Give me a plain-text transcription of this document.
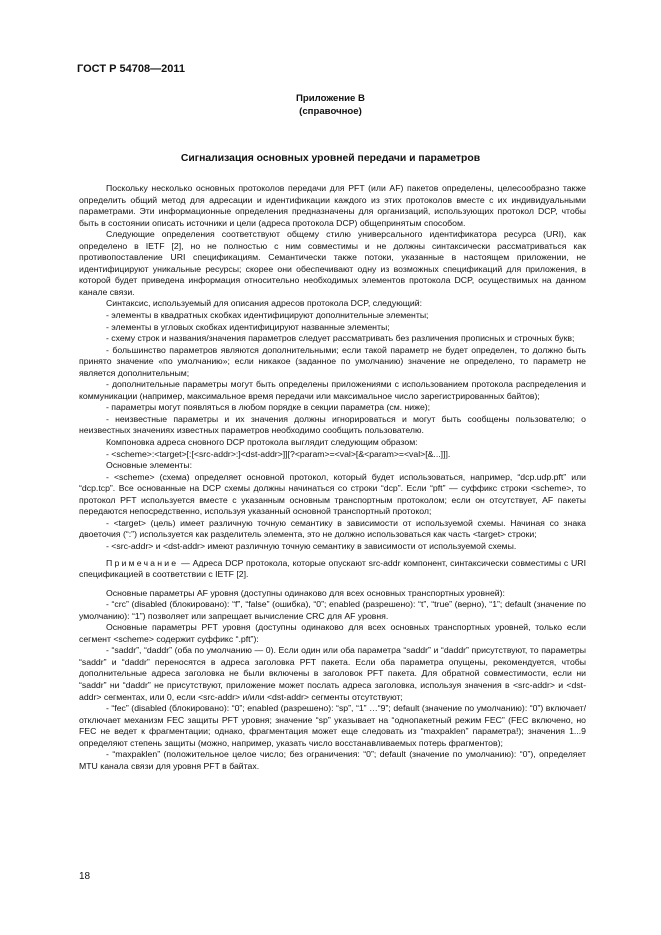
ГОСТ Р 54708—2011
Приложение В
(справочное)
Сигнализация основных уровней передачи и параметров

Поскольку несколько основных протоколов передачи для PFT (или AF) пакетов определены, целесообразно также определить общий метод для адресации и идентификации каждого из этих протоколов вместе с их индивидуальными параметрами. Эти информационные определения предназначены для организаций, использующих протокол DCP, чтобы быть в состоянии описать источники и цели (адреса протокола DCP) общепринятым способом.

Следующие определения соответствуют общему стилю универсального идентификатора ресурса (URI), как определено в IETF [2], но не полностью с ним совместимы и не должны синтаксически рассматриваться как противопоставление URI спецификациям. Семантически также потоки, указанные в настоящем приложении, не идентифицируют уникальные ресурсы; скорее они обеспечивают одну из возможных спецификаций для приложения, в которой будет приведена информация относительно необходимых элементов протокола DCP, осуществимых на данном канале связи.

Синтаксис, используемый для описания адресов протокола DCP, следующий:

- элементы в квадратных скобках идентифицируют дополнительные элементы;

- элементы в угловых скобках идентифицируют названные элементы;

- схему строк и названия/значения параметров следует рассматривать без различения прописных и строчных букв;

- большинство параметров являются дополнительными; если такой параметр не будет определен, то должно быть принято значение «по умолчанию»; если никакое (заданное по умолчанию) значение не определено, то параметр не является дополнительным;

- дополнительные параметры могут быть определены приложениями с использованием протокола распределения и коммуникации (например, максимальное время передачи или максимальное число зарегистрированных байтов);

- параметры могут появляться в любом порядке в секции параметра (см. ниже);

- неизвестные параметры и их значения должны игнорироваться и могут быть сообщены пользователю; о неизвестных значениях известных параметров необходимо сообщить пользователю.

Компоновка адреса сновного DCP протокола выглядит следующим образом:

- <scheme>:<target>[:[<src-addr>:]<dst-addr>]][?<param>=<val>[&<param>=<val>[&...]]].

Основные элементы:

- <scheme> (схема) определяет основной протокол, который будет использоваться, например, “dcp.udp.pft” или “dcp.tcp”. Все основанные на DCP схемы должны начинаться со строки “dcp”. Если “pft” — суффикс строки <scheme>, то протокол PFT используется вместе с указанным основным транспортным протоколом; если он отсутствует, AF пакеты передаются непосредственно, используя указанный основной транспортный протокол;

- <target> (цель) имеет различную точную семантику в зависимости от используемой схемы. Начиная со знака двоеточия (“:”) используется как разделитель элемента, это не должно использоваться как часть <target> строки;

- <src-addr> и <dst-addr> имеют различную точную семантику в зависимости от используемой схемы.

Примечание — Адреса DCP протокола, которые опускают src-addr компонент, синтаксически совместимы с URI спецификацией в соответствии с IETF [2].

Основные параметры AF уровня (доступны одинаково для всех основных транспортных уровней):

- “crc” (disabled (блокировано): “f”, “false” (ошибка), “0”; enabled (разрешено): “t”, “true” (верно), “1”; default (значение по умолчанию): “1”) позволяет или запрещает вычисление CRC для AF уровня.

Основные параметры PFT уровня (доступны одинаково для всех основных транспортных уровней, только если сегмент <scheme> содержит суффикс “.pft”):

- “saddr”, “daddr” (оба по умолчанию — 0). Если один или оба параметра “saddr” и “daddr” присутствуют, то параметры “saddr” и “daddr” переносятся в адреса заголовка PFT пакета. Если оба параметра опущены, рекомендуется, чтобы дополнительные адреса заголовка не были включены в заголовок PFT пакета. Для обратной совместимости, если ни “saddr” ни “daddr” не присутствуют, приложение может послать адреса заголовка, используя значения в <src-addr> и <dst-addr> сегментах, или 0, если <src-addr> и/или <dst-addr> сегменты отсутствуют;

- “fec” (disabled (блокировано): “0”; enabled (разрешено): “sp”, “1” …“9”; default (значение по умолчанию): “0”) включает/отключает механизм FEC защиты PFT уровня; значение “sp” указывает на “однопакетный режим FEC” (FEC включено, но FEC не ведет к фрагментации; однако, фрагментация может еще следовать из “maxpaklen” параметра!); значения 1...9 определяют степень защиты (можно, например, указать число восстанавливаемых потерь фрагментов);

- “maxpaklen” (положительное целое число; без ограничения: “0”; default (значение по умолчанию): “0”), определяет MTU канала связи для уровня PFT в байтах.

18
